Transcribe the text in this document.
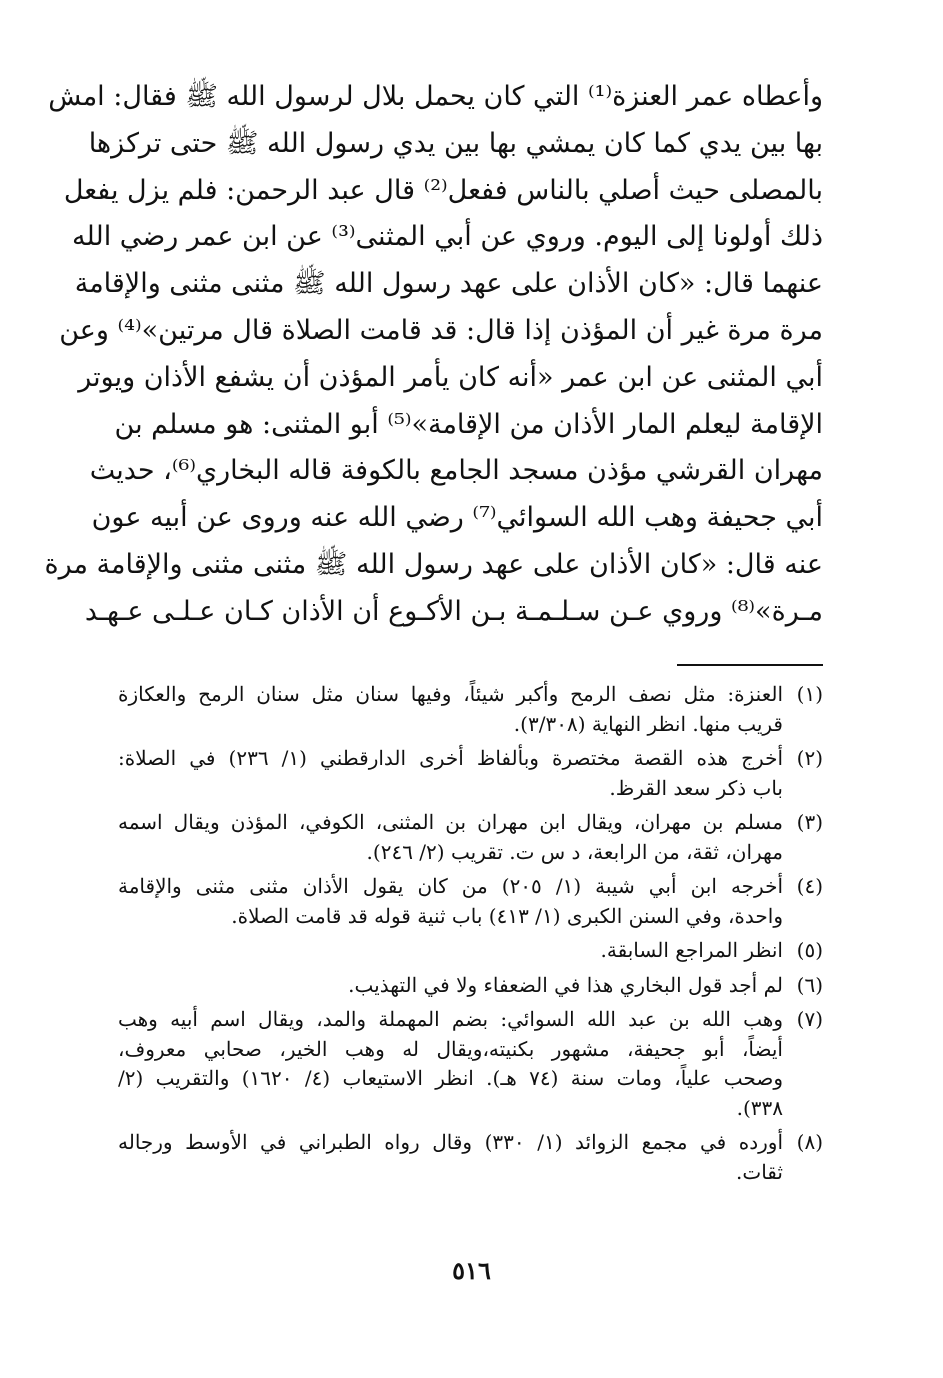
وأعطاه عمر العنزة⁽¹⁾ التي كان يحمل بلال لرسول الله ﷺ فقال: امش
بها بين يدي كما كان يمشي بها بين يدي رسول الله ﷺ حتى تركزها
بالمصلى حيث أصلي بالناس ففعل⁽²⁾ قال عبد الرحمن: فلم يزل يفعل
ذلك أولونا إلى اليوم. وروي عن أبي المثنى⁽³⁾ عن ابن عمر رضي الله
عنهما قال: «كان الأذان على عهد رسول الله ﷺ مثنى مثنى والإقامة
مرة مرة غير أن المؤذن إذا قال: قد قامت الصلاة قال مرتين»⁽⁴⁾ وعن
أبي المثنى عن ابن عمر «أنه كان يأمر المؤذن أن يشفع الأذان ويوتر
الإقامة ليعلم المار الأذان من الإقامة»⁽⁵⁾ أبو المثنى: هو مسلم بن
مهران القرشي مؤذن مسجد الجامع بالكوفة قاله البخاري⁽⁶⁾، حديث
أبي جحيفة وهب الله السوائي⁽⁷⁾ رضي الله عنه وروى عن أبيه عون
عنه قال: «كان الأذان على عهد رسول الله ﷺ مثنى مثنى والإقامة مرة
مـرة»⁽⁸⁾ وروي عـن سـلـمـة بـن الأكـوع أن الأذان كـان عـلـى عـهـد
(١)
العنزة: مثل نصف الرمح وأكبر شيئاً، وفيها سنان مثل سنان الرمح والعكازة
قريب منها. انظر النهاية (٣/٣٠٨).
(٢)
أخرج هذه القصة مختصرة وبألفاظ أخرى الدارقطني (١/ ٢٣٦) في الصلاة:
باب ذكر سعد القرظ.
(٣)
مسلم بن مهران، ويقال ابن مهران بن المثنى، الكوفي، المؤذن ويقال اسمه
مهران، ثقة، من الرابعة، د س ت. تقريب (٢/ ٢٤٦).
(٤)
أخرجه ابن أبي شيبة (١/ ٢٠٥) من كان يقول الأذان مثنى مثنى والإقامة
واحدة، وفي السنن الكبرى (١/ ٤١٣) باب ثنية قوله قد قامت الصلاة.
(٥)
انظر المراجع السابقة.
(٦)
لم أجد قول البخاري هذا في الضعفاء ولا في التهذيب.
(٧)
وهب الله بن عبد الله السوائي: بضم المهملة والمد، ويقال اسم أبيه وهب
أيضاً، أبو جحيفة، مشهور بكنيته،ويقال له وهب الخير، صحابي معروف،
وصحب علياً، ومات سنة (٧٤ هـ). انظر الاستيعاب (٤/ ١٦٢٠) والتقريب (٢/
٣٣٨).
(٨)
أورده في مجمع الزوائد (١/ ٣٣٠) وقال رواه الطبراني في الأوسط ورجاله
ثقات.
٥١٦
